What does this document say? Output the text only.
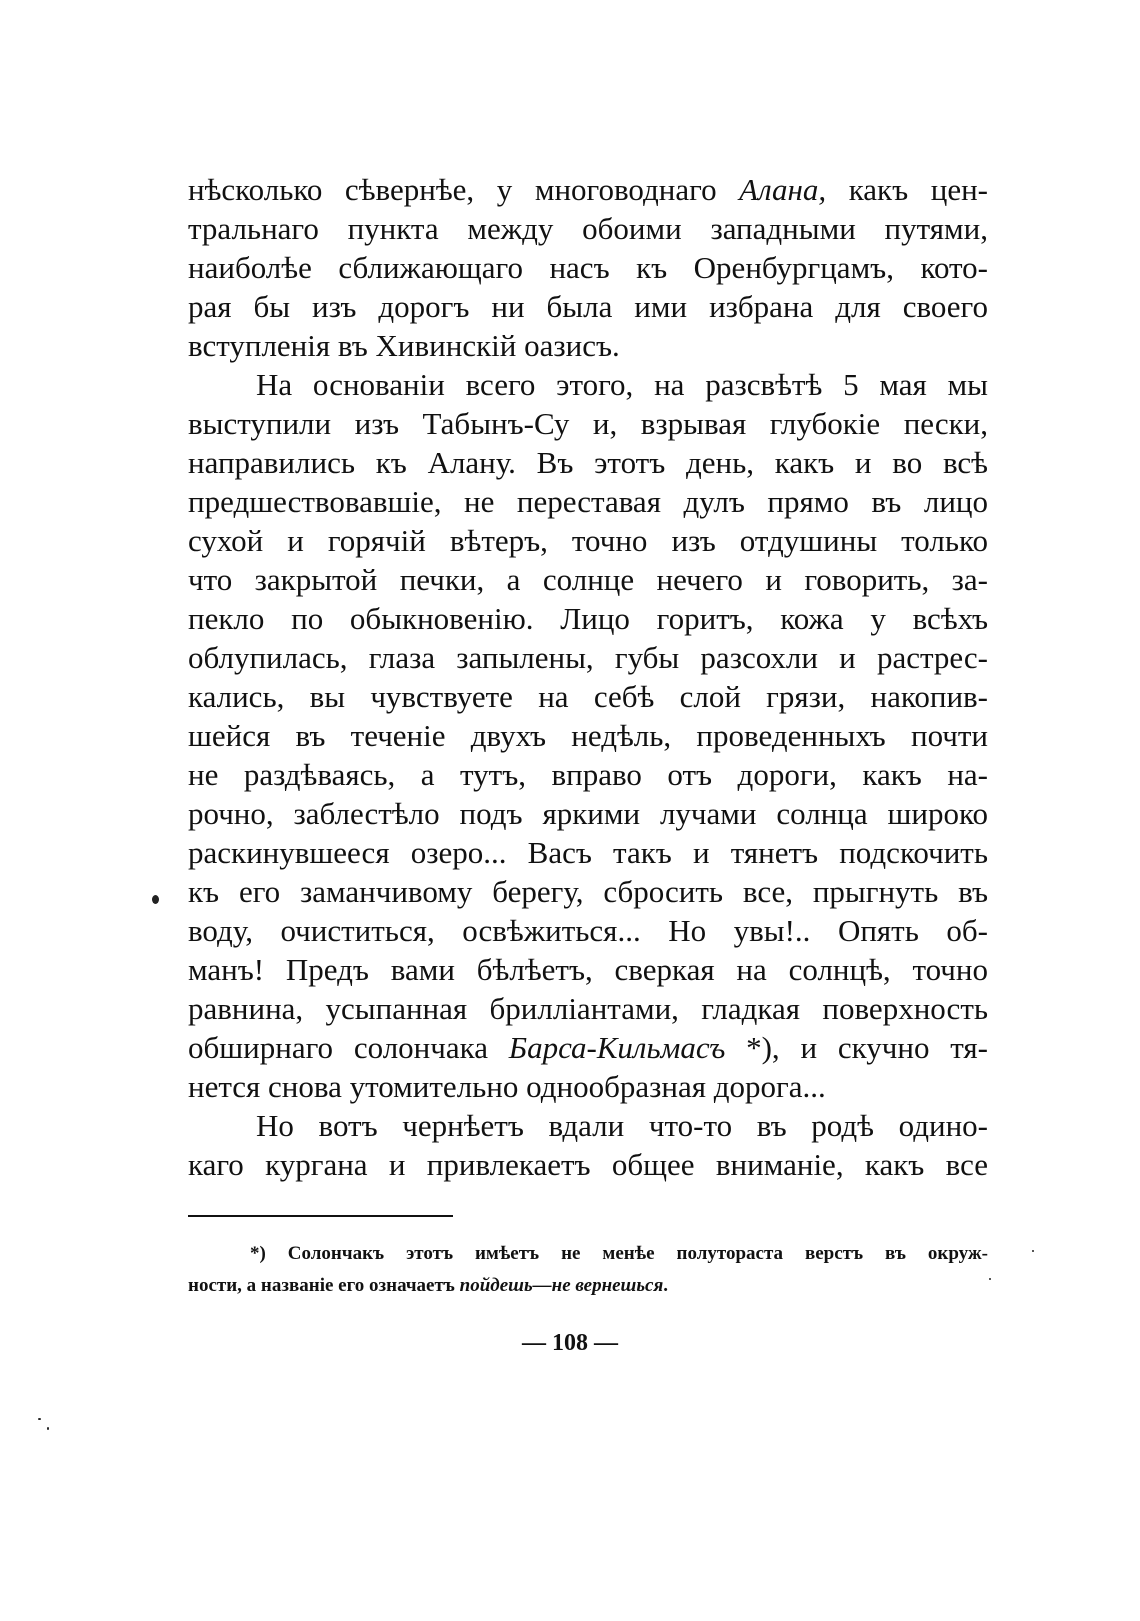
нѣсколько сѣвернѣе, у многоводнаго Алана, какъ цен-
тральнаго пункта между обоими западными путями,
наиболѣе сближающаго насъ къ Оренбургцамъ, кото-
рая бы изъ дорогъ ни была ими избрана для своего
вступленія въ Хивинскій оазисъ.
На основаніи всего этого, на разсвѣтѣ 5 мая мы
выступили изъ Табынъ-Су и, взрывая глубокіе пески,
направились къ Алану. Въ этотъ день, какъ и во всѣ
предшествовавшіе, не переставая дулъ прямо въ лицо
сухой и горячій вѣтеръ, точно изъ отдушины только
что закрытой печки, а солнце нечего и говорить, за-
пекло по обыкновенію. Лицо горитъ, кожа у всѣхъ
облупилась, глаза запылены, губы разсохли и растрес-
кались, вы чувствуете на себѣ слой грязи, накопив-
шейся въ теченіе двухъ недѣль, проведенныхъ почти
не раздѣваясь, а тутъ, вправо отъ дороги, какъ на-
рочно, заблестѣло подъ яркими лучами солнца широко
раскинувшееся озеро... Васъ такъ и тянетъ подскочить
къ его заманчивому берегу, сбросить все, прыгнуть въ
воду, очиститься, освѣжиться... Но увы!.. Опять об-
манъ! Предъ вами бѣлѣетъ, сверкая на солнцѣ, точно
равнина, усыпанная брилліантами, гладкая поверхность
обширнаго солончака Барса-Кильмасъ *), и скучно тя-
нется снова утомительно однообразная дорога...
Но вотъ чернѣетъ вдали что-то въ родѣ одино-
каго кургана и привлекаетъ общее вниманіе, какъ все
*) Солончакъ этотъ имѣетъ не менѣе полутораста верстъ въ окруж-
ности, а названіе его означаетъ пойдешь—не вернешься.
— 108 —
